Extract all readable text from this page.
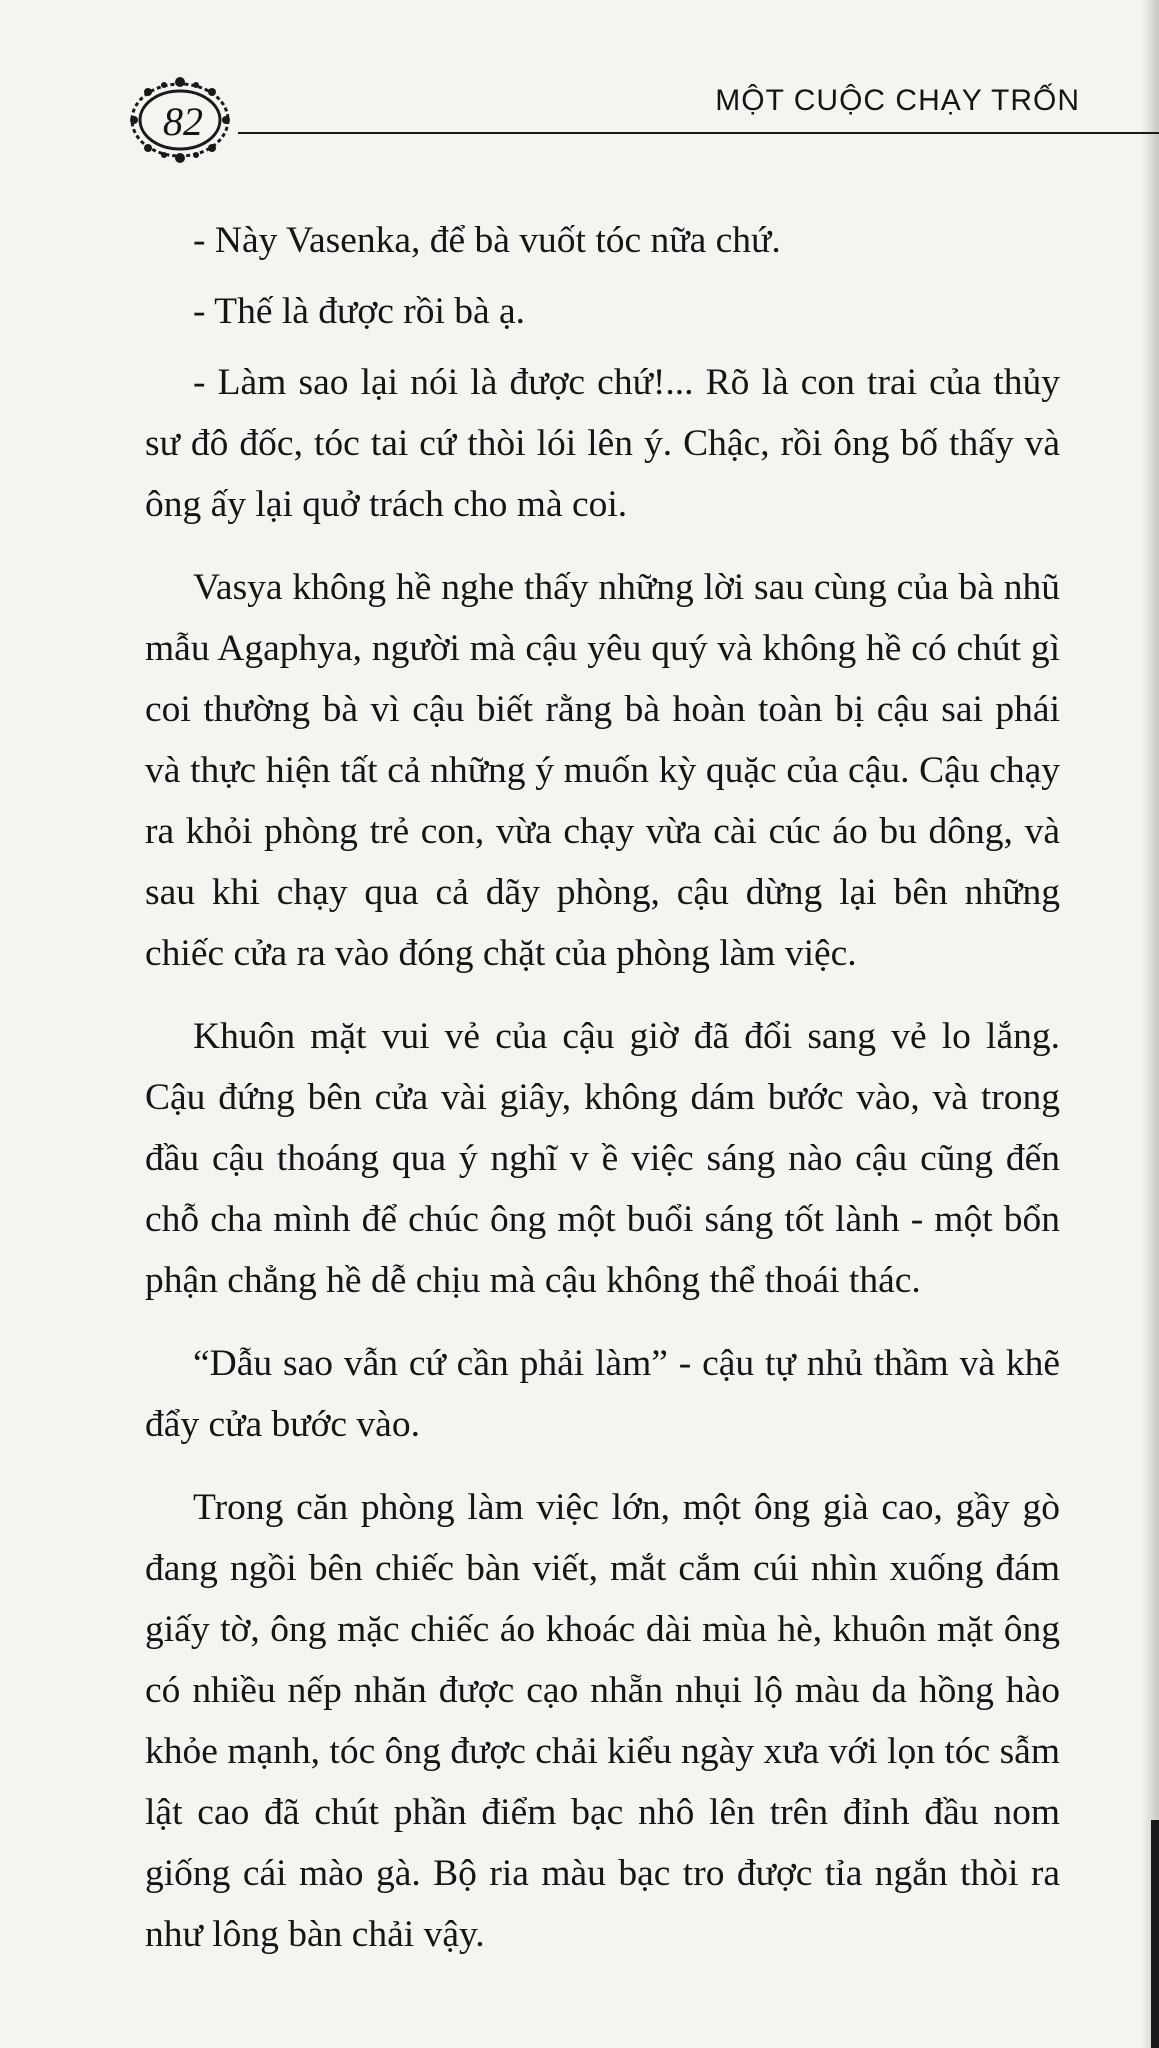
82	MỘT CUỘC CHẠY TRỐN

- Này Vasenka, để bà vuốt tóc nữa chứ.

- Thế là được rồi bà ạ.

- Làm sao lại nói là được chứ!... Rõ là con trai của thủy sư đô đốc, tóc tai cứ thòi lói lên ý. Chậc, rồi ông bố thấy và ông ấy lại quở trách cho mà coi.

Vasya không hề nghe thấy những lời sau cùng của bà nhũ mẫu Agaphya, người mà cậu yêu quý và không hề có chút gì coi thường bà vì cậu biết rằng bà hoàn toàn bị cậu sai phái và thực hiện tất cả những ý muốn kỳ quặc của cậu. Cậu chạy ra khỏi phòng trẻ con, vừa chạy vừa cài cúc áo bu dông, và sau khi chạy qua cả dãy phòng, cậu dừng lại bên những chiếc cửa ra vào đóng chặt của phòng làm việc.

Khuôn mặt vui vẻ của cậu giờ đã đổi sang vẻ lo lắng. Cậu đứng bên cửa vài giây, không dám bước vào, và trong đầu cậu thoáng qua ý nghĩ v ề việc sáng nào cậu cũng đến chỗ cha mình để chúc ông một buổi sáng tốt lành - một bổn phận chẳng hề dễ chịu mà cậu không thể thoái thác.

“Dẫu sao vẫn cứ cần phải làm” - cậu tự nhủ thầm và khẽ đẩy cửa bước vào.

Trong căn phòng làm việc lớn, một ông già cao, gầy gò đang ngồi bên chiếc bàn viết, mắt cắm cúi nhìn xuống đám giấy tờ, ông mặc chiếc áo khoác dài mùa hè, khuôn mặt ông có nhiều nếp nhăn được cạo nhẵn nhụi lộ màu da hồng hào khỏe mạnh, tóc ông được chải kiểu ngày xưa với lọn tóc sẫm lật cao đã chút phần điểm bạc nhô lên trên đỉnh đầu nom giống cái mào gà. Bộ ria màu bạc tro được tỉa ngắn thòi ra như lông bàn chải vậy.
